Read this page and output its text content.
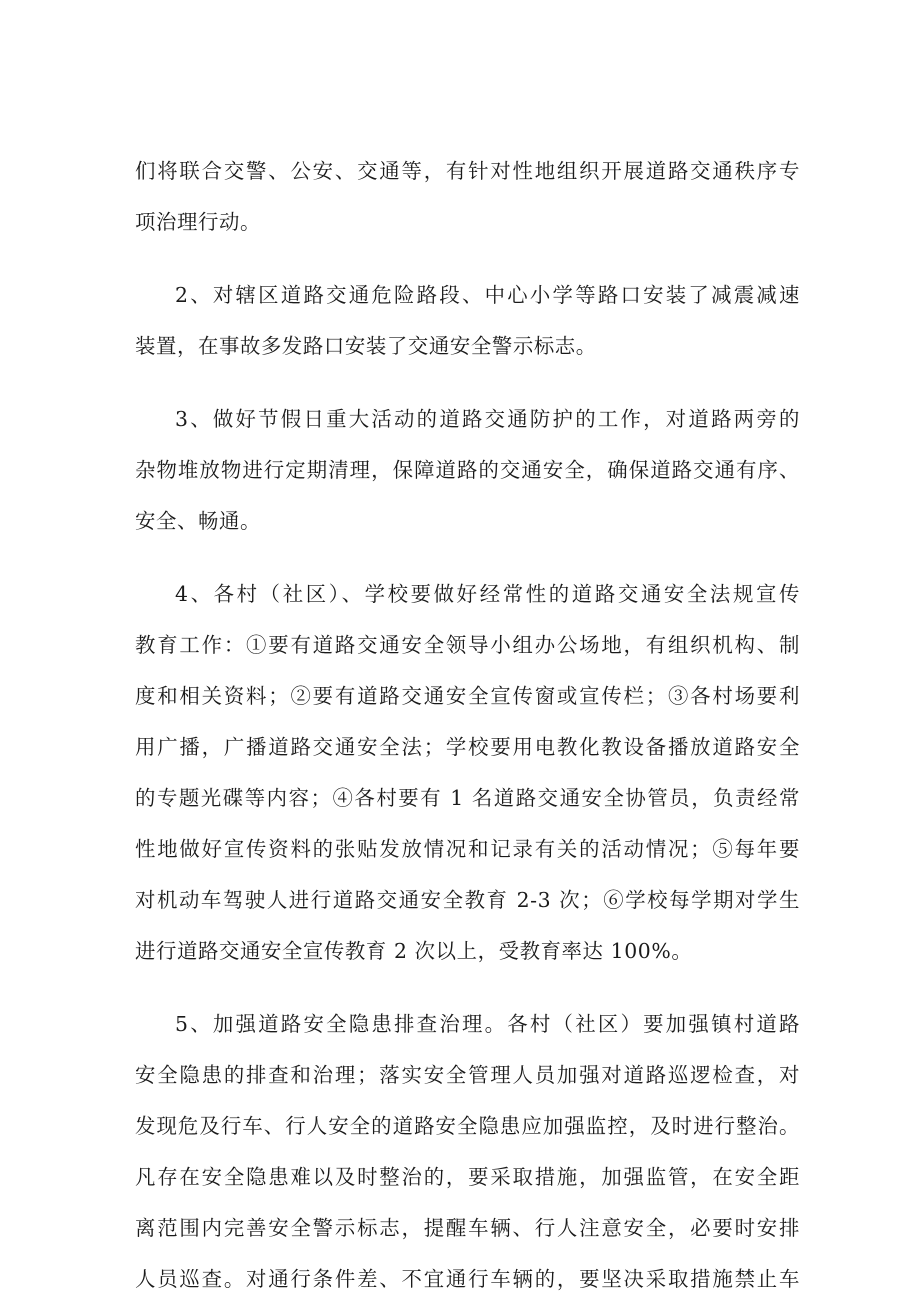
们将联合交警、公安、交通等，有针对性地组织开展道路交通秩序专
项治理行动。
2、对辖区道路交通危险路段、中心小学等路口安装了减震减速
装置，在事故多发路口安装了交通安全警示标志。
3、做好节假日重大活动的道路交通防护的工作，对道路两旁的
杂物堆放物进行定期清理，保障道路的交通安全，确保道路交通有序、
安全、畅通。
4、各村（社区）、学校要做好经常性的道路交通安全法规宣传
教育工作：①要有道路交通安全领导小组办公场地，有组织机构、制
度和相关资料；②要有道路交通安全宣传窗或宣传栏；③各村场要利
用广播，广播道路交通安全法；学校要用电教化教设备播放道路安全
的专题光碟等内容；④各村要有 1 名道路交通安全协管员，负责经常
性地做好宣传资料的张贴发放情况和记录有关的活动情况；⑤每年要
对机动车驾驶人进行道路交通安全教育 2-3 次；⑥学校每学期对学生
进行道路交通安全宣传教育 2 次以上，受教育率达 100%。
5、加强道路安全隐患排查治理。各村（社区）要加强镇村道路
安全隐患的排查和治理；落实安全管理人员加强对道路巡逻检查，对
发现危及行车、行人安全的道路安全隐患应加强监控，及时进行整治。
凡存在安全隐患难以及时整治的，要采取措施，加强监管，在安全距
离范围内完善安全警示标志，提醒车辆、行人注意安全，必要时安排
人员巡查。对通行条件差、不宜通行车辆的，要坚决采取措施禁止车
